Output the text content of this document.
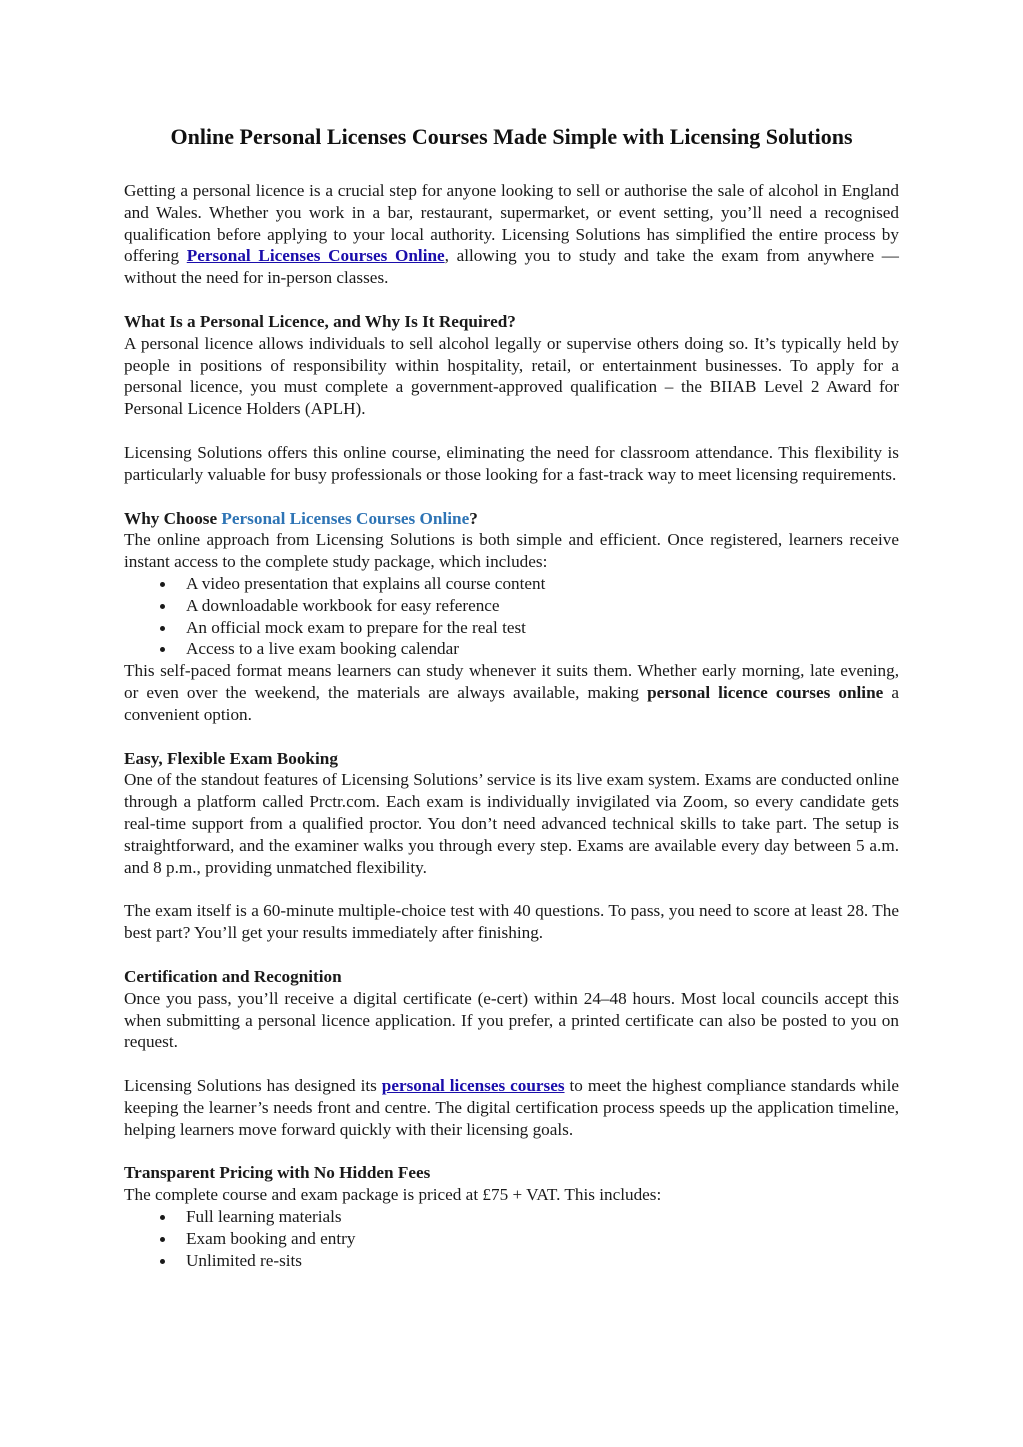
Online Personal Licenses Courses Made Simple with Licensing Solutions

Getting a personal licence is a crucial step for anyone looking to sell or authorise the sale of alcohol in England and Wales. Whether you work in a bar, restaurant, supermarket, or event setting, you’ll need a recognised qualification before applying to your local authority. Licensing Solutions has simplified the entire process by offering Personal Licenses Courses Online, allowing you to study and take the exam from anywhere — without the need for in-person classes.

What Is a Personal Licence, and Why Is It Required?

A personal licence allows individuals to sell alcohol legally or supervise others doing so. It’s typically held by people in positions of responsibility within hospitality, retail, or entertainment businesses. To apply for a personal licence, you must complete a government-approved qualification – the BIIAB Level 2 Award for Personal Licence Holders (APLH).

Licensing Solutions offers this online course, eliminating the need for classroom attendance. This flexibility is particularly valuable for busy professionals or those looking for a fast-track way to meet licensing requirements.

Why Choose Personal Licenses Courses Online?

The online approach from Licensing Solutions is both simple and efficient. Once registered, learners receive instant access to the complete study package, which includes:

A video presentation that explains all course content
A downloadable workbook for easy reference
An official mock exam to prepare for the real test
Access to a live exam booking calendar

This self-paced format means learners can study whenever it suits them. Whether early morning, late evening, or even over the weekend, the materials are always available, making personal licence courses online a convenient option.

Easy, Flexible Exam Booking

One of the standout features of Licensing Solutions’ service is its live exam system. Exams are conducted online through a platform called Prctr.com. Each exam is individually invigilated via Zoom, so every candidate gets real-time support from a qualified proctor. You don’t need advanced technical skills to take part. The setup is straightforward, and the examiner walks you through every step. Exams are available every day between 5 a.m. and 8 p.m., providing unmatched flexibility.

The exam itself is a 60-minute multiple-choice test with 40 questions. To pass, you need to score at least 28. The best part? You’ll get your results immediately after finishing.

Certification and Recognition

Once you pass, you’ll receive a digital certificate (e-cert) within 24–48 hours. Most local councils accept this when submitting a personal licence application. If you prefer, a printed certificate can also be posted to you on request.

Licensing Solutions has designed its personal licenses courses to meet the highest compliance standards while keeping the learner’s needs front and centre. The digital certification process speeds up the application timeline, helping learners move forward quickly with their licensing goals.

Transparent Pricing with No Hidden Fees

The complete course and exam package is priced at £75 + VAT. This includes:

Full learning materials
Exam booking and entry
Unlimited re-sits
